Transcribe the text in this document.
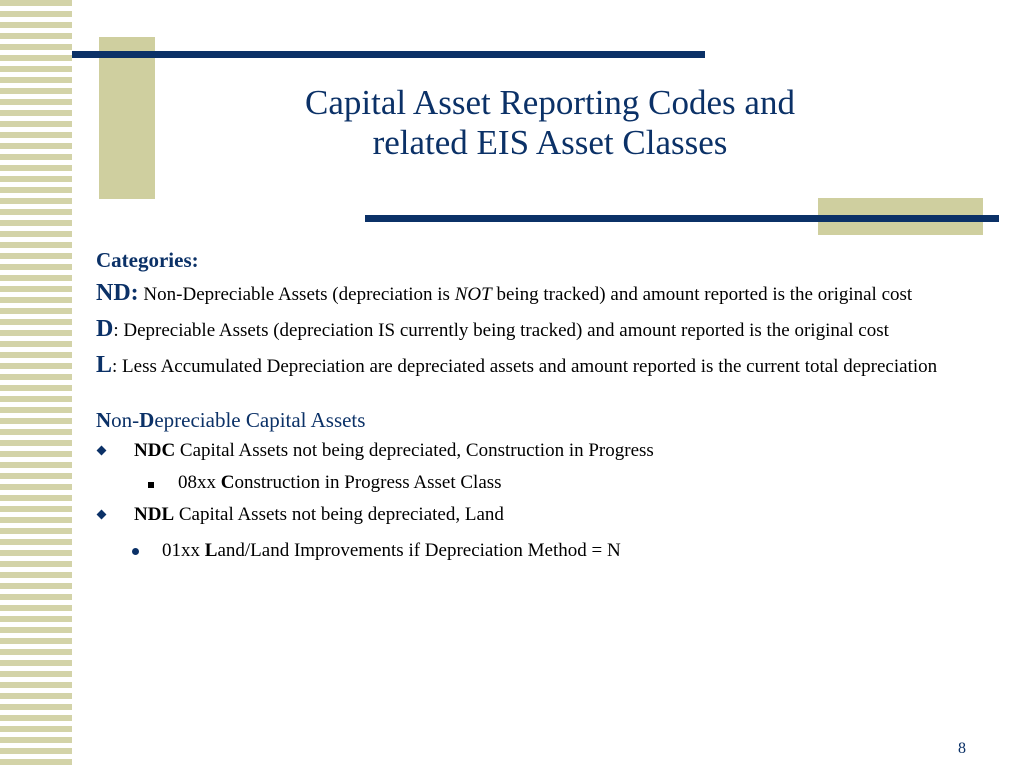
Capital Asset Reporting Codes and
related EIS Asset Classes
Categories:
ND: Non-Depreciable Assets (depreciation is NOT being tracked) and amount reported is the original cost
D: Depreciable Assets (depreciation IS currently being tracked) and amount reported is the original cost
L: Less Accumulated Depreciation are depreciated assets and amount reported is the current total depreciation
Non-Depreciable Capital Assets
NDC Capital Assets not being depreciated, Construction in Progress
08xx Construction in Progress Asset Class
NDL Capital Assets not being depreciated, Land
01xx Land/Land Improvements if Depreciation Method = N
8
